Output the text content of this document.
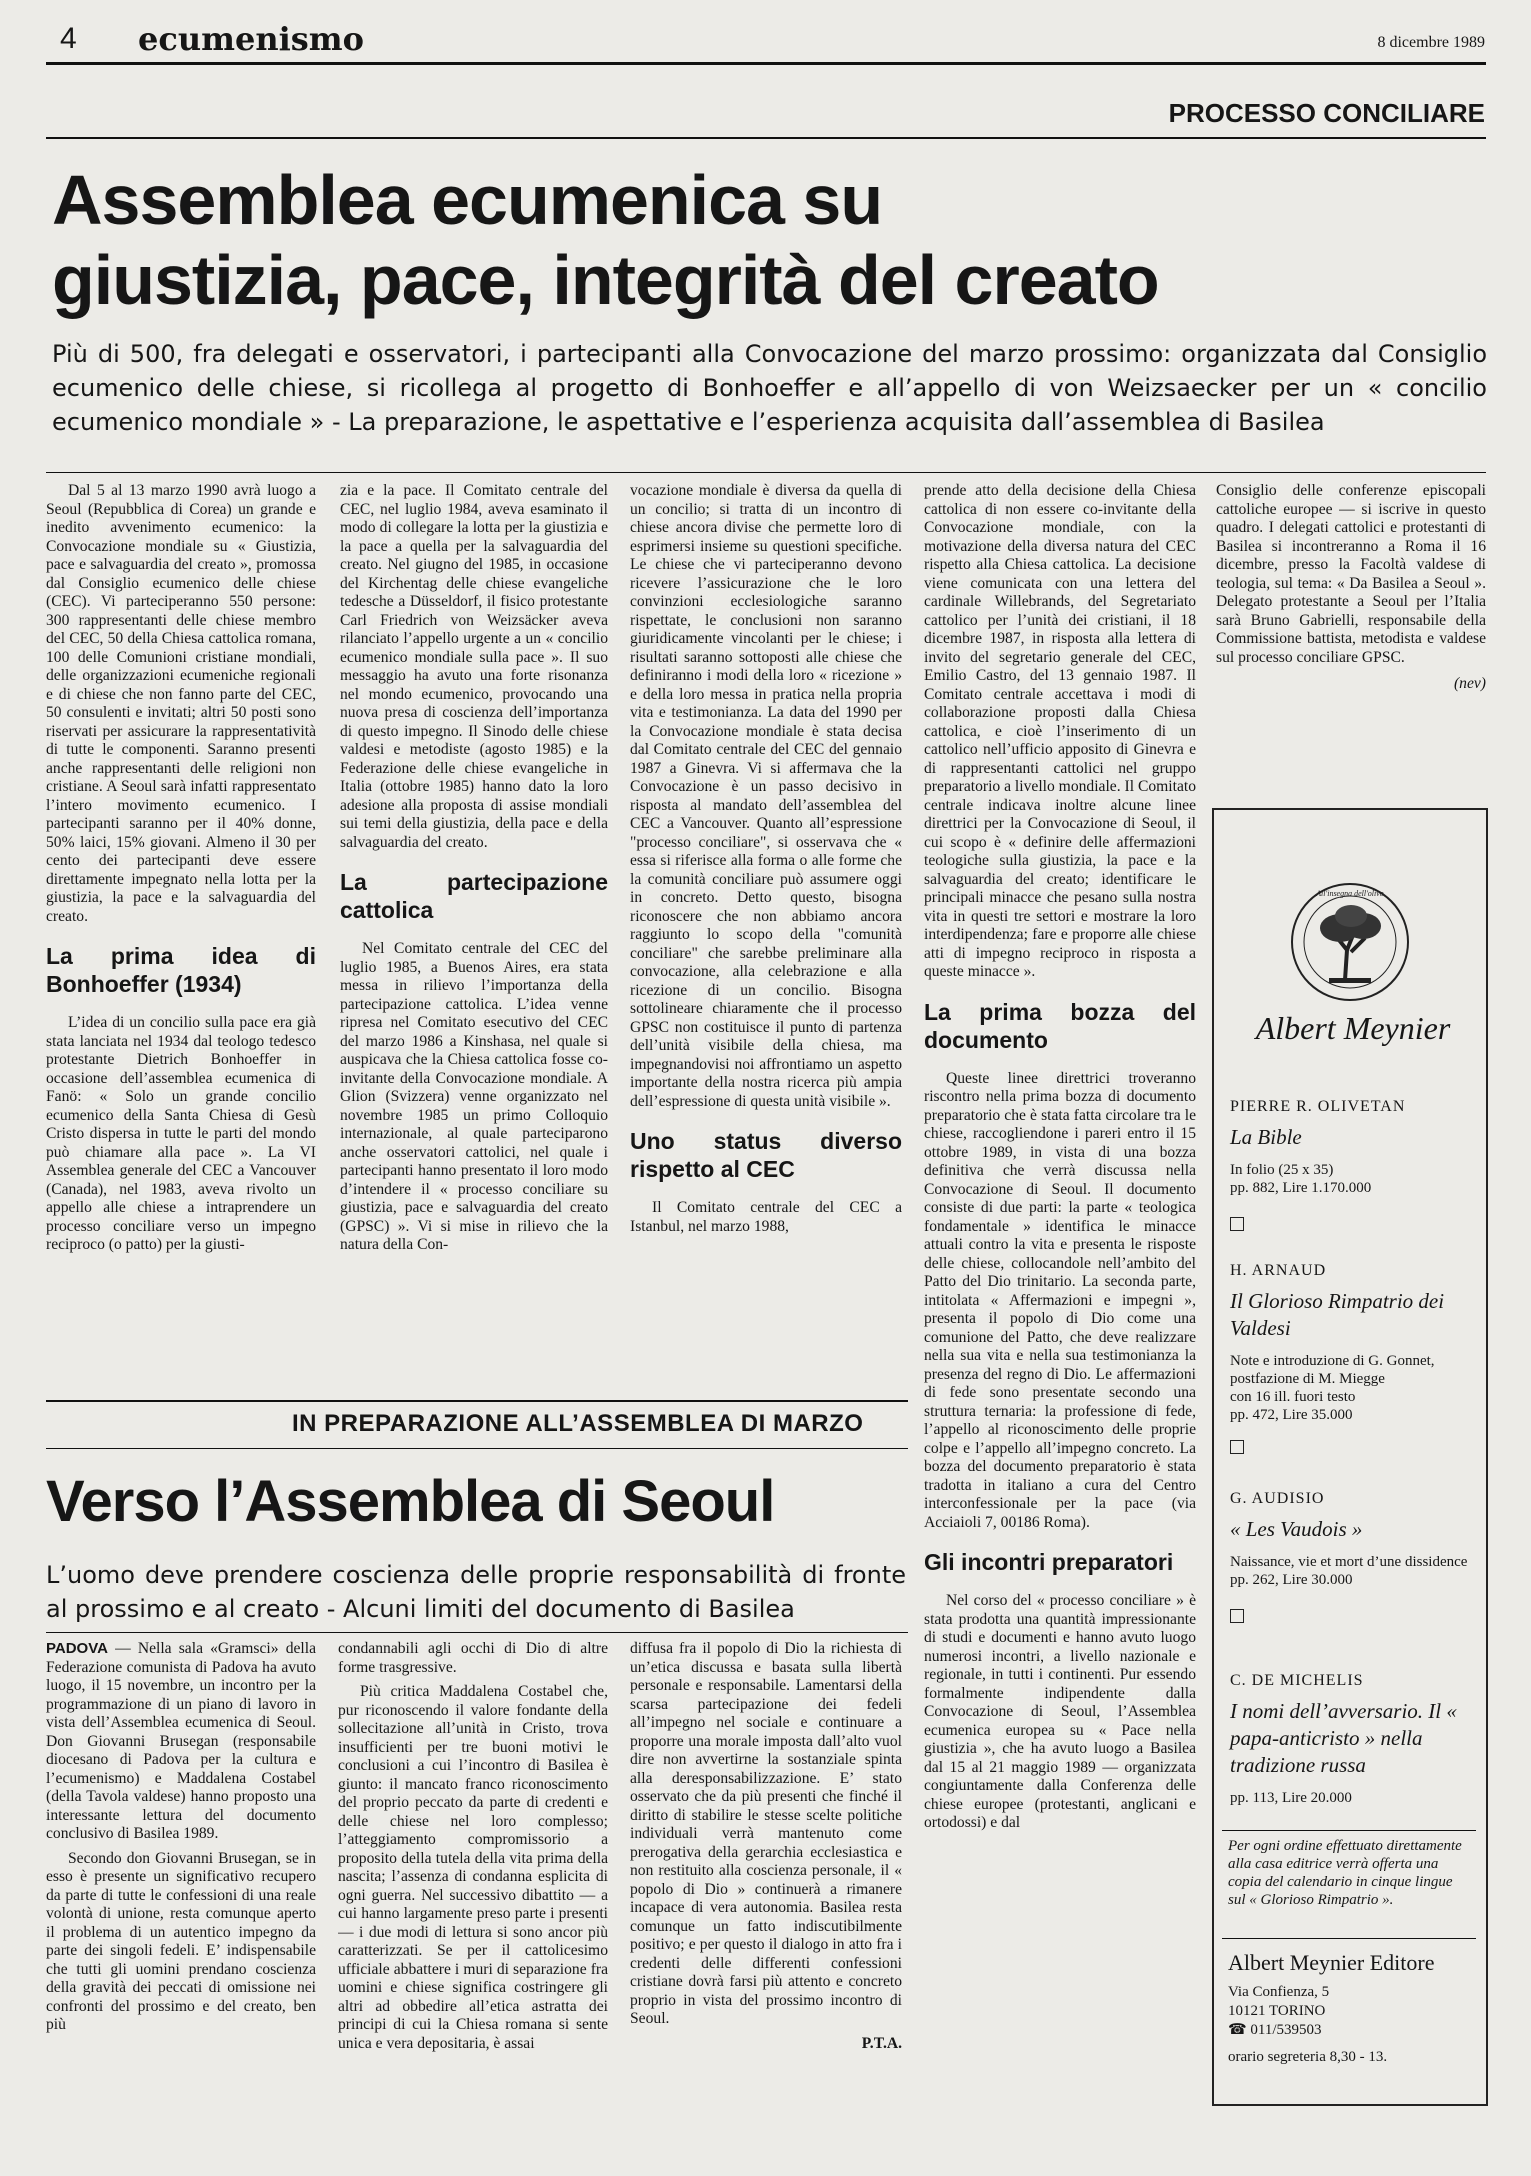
4 ecumenismo	8 dicembre 1989
PROCESSO CONCILIARE
Assemblea ecumenica su
giustizia, pace, integrità del creato
Più di 500, fra delegati e osservatori, i partecipanti alla Convocazione del marzo prossimo: organizzata dal Consiglio ecumenico delle chiese, si ricollega al progetto di Bonhoeffer e all’appello di von Weizsaecker per un « concilio ecumenico mondiale » - La preparazione, le aspettative e l’esperienza acquisita dall’assemblea di Basilea

Dal 5 al 13 marzo 1990 avrà luogo a Seoul (Repubblica di Corea) un grande e inedito avvenimento ecumenico: la Convocazione mondiale su « Giustizia, pace e salvaguardia del creato », promossa dal Consiglio ecumenico delle chiese (CEC). Vi parteciperanno 550 persone: 300 rappresentanti delle chiese membro del CEC, 50 della Chiesa cattolica romana, 100 delle Comunioni cristiane mondiali, delle organizzazioni ecumeniche regionali e di chiese che non fanno parte del CEC, 50 consulenti e invitati; altri 50 posti sono riservati per assicurare la rappresentatività di tutte le componenti. Saranno presenti anche rappresentanti delle religioni non cristiane. A Seoul sarà infatti rappresentato l’intero movimento ecumenico. I partecipanti saranno per il 40% donne, 50% laici, 15% giovani. Almeno il 30 per cento dei partecipanti deve essere direttamente impegnato nella lotta per la giustizia, la pace e la salvaguardia del creato.

La prima idea di Bonhoeffer (1934)

L’idea di un concilio sulla pace era già stata lanciata nel 1934 dal teologo tedesco protestante Dietrich Bonhoeffer in occasione dell’assemblea ecumenica di Fanö: « Solo un grande concilio ecumenico della Santa Chiesa di Gesù Cristo dispersa in tutte le parti del mondo può chiamare alla pace ». La VI Assemblea generale del CEC a Vancouver (Canada), nel 1983, aveva rivolto un appello alle chiese a intraprendere un processo conciliare verso un impegno reciproco (o patto) per la giusti-

zia e la pace. Il Comitato centrale del CEC, nel luglio 1984, aveva esaminato il modo di collegare la lotta per la giustizia e la pace a quella per la salvaguardia del creato. Nel giugno del 1985, in occasione del Kirchentag delle chiese evangeliche tedesche a Düsseldorf, il fisico protestante Carl Friedrich von Weizsäcker aveva rilanciato l’appello urgente a un « concilio ecumenico mondiale sulla pace ». Il suo messaggio ha avuto una forte risonanza nel mondo ecumenico, provocando una nuova presa di coscienza dell’importanza di questo impegno. Il Sinodo delle chiese valdesi e metodiste (agosto 1985) e la Federazione delle chiese evangeliche in Italia (ottobre 1985) hanno dato la loro adesione alla proposta di assise mondiali sui temi della giustizia, della pace e della salvaguardia del creato.

La partecipazione cattolica

Nel Comitato centrale del CEC del luglio 1985, a Buenos Aires, era stata messa in rilievo l’importanza della partecipazione cattolica. L’idea venne ripresa nel Comitato esecutivo del CEC del marzo 1986 a Kinshasa, nel quale si auspicava che la Chiesa cattolica fosse co-invitante della Convocazione mondiale. A Glion (Svizzera) venne organizzato nel novembre 1985 un primo Colloquio internazionale, al quale parteciparono anche osservatori cattolici, nel quale i partecipanti hanno presentato il loro modo d’intendere il « processo conciliare su giustizia, pace e salvaguardia del creato (GPSC) ». Vi si mise in rilievo che la natura della Con-

vocazione mondiale è diversa da quella di un concilio; si tratta di un incontro di chiese ancora divise che permette loro di esprimersi insieme su questioni specifiche. Le chiese che vi parteciperanno devono ricevere l’assicurazione che le loro convinzioni ecclesiologiche saranno rispettate, le conclusioni non saranno giuridicamente vincolanti per le chiese; i risultati saranno sottoposti alle chiese che definiranno i modi della loro « ricezione » e della loro messa in pratica nella propria vita e testimonianza. La data del 1990 per la Convocazione mondiale è stata decisa dal Comitato centrale del CEC del gennaio 1987 a Ginevra. Vi si affermava che la Convocazione è un passo decisivo in risposta al mandato dell’assemblea del CEC a Vancouver. Quanto all’espressione "processo conciliare", si osservava che « essa si riferisce alla forma o alle forme che la comunità conciliare può assumere oggi in concreto. Detto questo, bisogna riconoscere che non abbiamo ancora raggiunto lo scopo della "comunità conciliare" che sarebbe preliminare alla convocazione, alla celebrazione e alla ricezione di un concilio. Bisogna sottolineare chiaramente che il processo GPSC non costituisce il punto di partenza dell’unità visibile della chiesa, ma impegnandovisi noi affrontiamo un aspetto importante della nostra ricerca più ampia dell’espressione di questa unità visibile ».

Uno status diverso rispetto al CEC

Il Comitato centrale del CEC a Istanbul, nel marzo 1988,

prende atto della decisione della Chiesa cattolica di non essere co-invitante della Convocazione mondiale, con la motivazione della diversa natura del CEC rispetto alla Chiesa cattolica. La decisione viene comunicata con una lettera del cardinale Willebrands, del Segretariato cattolico per l’unità dei cristiani, il 18 dicembre 1987, in risposta alla lettera di invito del segretario generale del CEC, Emilio Castro, del 13 gennaio 1987. Il Comitato centrale accettava i modi di collaborazione proposti dalla Chiesa cattolica, e cioè l’inserimento di un cattolico nell’ufficio apposito di Ginevra e di rappresentanti cattolici nel gruppo preparatorio a livello mondiale. Il Comitato centrale indicava inoltre alcune linee direttrici per la Convocazione di Seoul, il cui scopo è « definire delle affermazioni teologiche sulla giustizia, la pace e la salvaguardia del creato; identificare le principali minacce che pesano sulla nostra vita in questi tre settori e mostrare la loro interdipendenza; fare e proporre alle chiese atti di impegno reciproco in risposta a queste minacce ».

La prima bozza del documento

Queste linee direttrici troveranno riscontro nella prima bozza di documento preparatorio che è stata fatta circolare tra le chiese, raccogliendone i pareri entro il 15 ottobre 1989, in vista di una bozza definitiva che verrà discussa nella Convocazione di Seoul. Il documento consiste di due parti: la parte « teologica fondamentale » identifica le minacce attuali contro la vita e presenta le risposte delle chiese, collocandole nell’ambito del Patto del Dio trinitario. La seconda parte, intitolata « Affermazioni e impegni », presenta il popolo di Dio come una comunione del Patto, che deve realizzare nella sua vita e nella sua testimonianza la presenza del regno di Dio. Le affermazioni di fede sono presentate secondo una struttura ternaria: la professione di fede, l’appello al riconoscimento delle proprie colpe e l’appello all’impegno concreto. La bozza del documento preparatorio è stata tradotta in italiano a cura del Centro interconfessionale per la pace (via Acciaioli 7, 00186 Roma).

Gli incontri preparatori

Nel corso del « processo conciliare » è stata prodotta una quantità impressionante di studi e documenti e hanno avuto luogo numerosi incontri, a livello nazionale e regionale, in tutti i continenti. Pur essendo formalmente indipendente dalla Convocazione di Seoul, l’Assemblea ecumenica europea su « Pace nella giustizia », che ha avuto luogo a Basilea dal 15 al 21 maggio 1989 — organizzata congiuntamente dalla Conferenza delle chiese europee (protestanti, anglicani e ortodossi) e dal

Consiglio delle conferenze episcopali cattoliche europee — si iscrive in questo quadro. I delegati cattolici e protestanti di Basilea si incontreranno a Roma il 16 dicembre, presso la Facoltà valdese di teologia, sul tema: « Da Basilea a Seoul ». Delegato protestante a Seoul per l’Italia sarà Bruno Gabrielli, responsabile della Commissione battista, metodista e valdese sul processo conciliare GPSC.

(nev)
IN PREPARAZIONE ALL’ASSEMBLEA DI MARZO
Verso l’Assemblea di Seoul
L’uomo deve prendere coscienza delle proprie responsabilità di fronte al prossimo e al creato - Alcuni limiti del documento di Basilea

PADOVA — Nella sala «Gramsci» della Federazione comunista di Padova ha avuto luogo, il 15 novembre, un incontro per la programmazione di un piano di lavoro in vista dell’Assemblea ecumenica di Seoul. Don Giovanni Brusegan (responsabile diocesano di Padova per la cultura e l’ecumenismo) e Maddalena Costabel (della Tavola valdese) hanno proposto una interessante lettura del documento conclusivo di Basilea 1989.

Secondo don Giovanni Brusegan, se in esso è presente un significativo recupero da parte di tutte le confessioni di una reale volontà di unione, resta comunque aperto il problema di un autentico impegno da parte dei singoli fedeli. E’ indispensabile che tutti gli uomini prendano coscienza della gravità dei peccati di omissione nei confronti del prossimo e del creato, ben più

condannabili agli occhi di Dio di altre forme trasgressive.

Più critica Maddalena Costabel che, pur riconoscendo il valore fondante della sollecitazione all’unità in Cristo, trova insufficienti per tre buoni motivi le conclusioni a cui l’incontro di Basilea è giunto: il mancato franco riconoscimento del proprio peccato da parte di credenti e delle chiese nel loro complesso; l’atteggiamento compromissorio a proposito della tutela della vita prima della nascita; l’assenza di condanna esplicita di ogni guerra. Nel successivo dibattito — a cui hanno largamente preso parte i presenti — i due modi di lettura si sono ancor più caratterizzati. Se per il cattolicesimo ufficiale abbattere i muri di separazione fra uomini e chiese significa costringere gli altri ad obbedire all’etica astratta dei principi di cui la Chiesa romana si sente unica e vera depositaria, è assai

diffusa fra il popolo di Dio la richiesta di un’etica discussa e basata sulla libertà personale e responsabile. Lamentarsi della scarsa partecipazione dei fedeli all’impegno nel sociale e continuare a proporre una morale imposta dall’alto vuol dire non avvertirne la sostanziale spinta alla deresponsabilizzazione. E’ stato osservato che da più presenti che finché il diritto di stabilire le stesse scelte politiche individuali verrà mantenuto come prerogativa della gerarchia ecclesiastica e non restituito alla coscienza personale, il « popolo di Dio » continuerà a rimanere incapace di vera autonomia. Basilea resta comunque un fatto indiscutibilmente positivo; e per questo il dialogo in atto fra i credenti delle differenti confessioni cristiane dovrà farsi più attento e concreto proprio in vista del prossimo incontro di Seoul.

P.T.A.
All'insegna dell'olivo
Albert Meynier
PIERRE R. OLIVETAN
La Bible
In folio (25 x 35)
pp. 882, Lire 1.170.000
H. ARNAUD
Il Glorioso Rimpatrio dei Valdesi
Note e introduzione di G. Gonnet, postfazione di M. Miegge
con 16 ill. fuori testo
pp. 472, Lire 35.000
G. AUDISIO
« Les Vaudois »
Naissance, vie et mort d’une dissidence
pp. 262, Lire 30.000
C. DE MICHELIS
I nomi dell’avversario. Il « papa-anticristo » nella tradizione russa
pp. 113, Lire 20.000
Per ogni ordine effettuato direttamente alla casa editrice verrà offerta una copia del calendario in cinque lingue sul « Glorioso Rimpatrio ».
Albert Meynier Editore
Via Confienza, 5
10121 TORINO
☎ 011/539503
orario segreteria 8,30 - 13.
